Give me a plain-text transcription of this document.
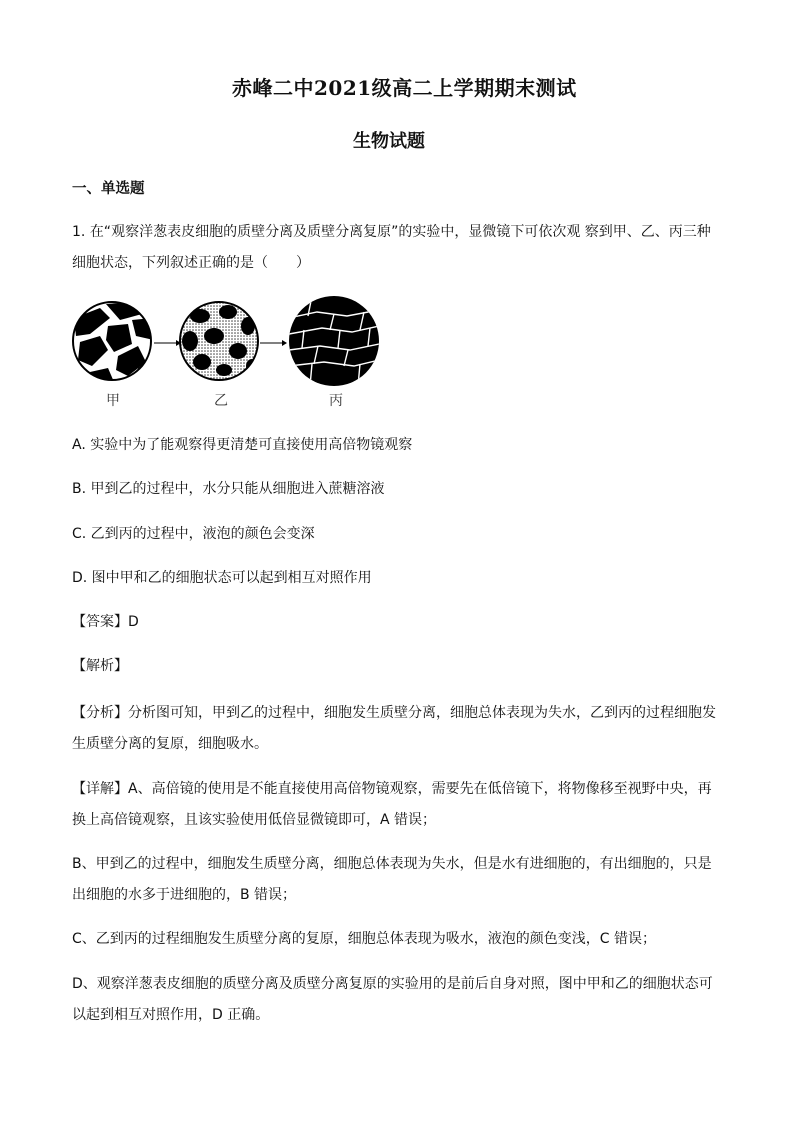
赤峰二中2021级高二上学期期末测试
生物试题
一、单选题
1. 在“观察洋葱表皮细胞的质壁分离及质壁分离复原”的实验中，显微镜下可依次观 察到甲、乙、丙三种
细胞状态，下列叙述正确的是（　　）
甲	乙	丙
A. 实验中为了能观察得更清楚可直接使用高倍物镜观察
B. 甲到乙的过程中，水分只能从细胞进入蔗糖溶液
C. 乙到丙的过程中，液泡的颜色会变深
D. 图中甲和乙的细胞状态可以起到相互对照作用
【答案】D
【解析】
【分析】分析图可知，甲到乙的过程中，细胞发生质壁分离，细胞总体表现为失水，乙到丙的过程细胞发
生质壁分离的复原，细胞吸水。
【详解】A、高倍镜的使用是不能直接使用高倍物镜观察，需要先在低倍镜下，将物像移至视野中央，再
换上高倍镜观察，且该实验使用低倍显微镜即可，A 错误；
B、甲到乙的过程中，细胞发生质壁分离，细胞总体表现为失水，但是水有进细胞的，有出细胞的，只是
出细胞的水多于进细胞的，B 错误；
C、乙到丙的过程细胞发生质壁分离的复原，细胞总体表现为吸水，液泡的颜色变浅，C 错误；
D、观察洋葱表皮细胞的质壁分离及质壁分离复原的实验用的是前后自身对照，图中甲和乙的细胞状态可
以起到相互对照作用，D 正确。
